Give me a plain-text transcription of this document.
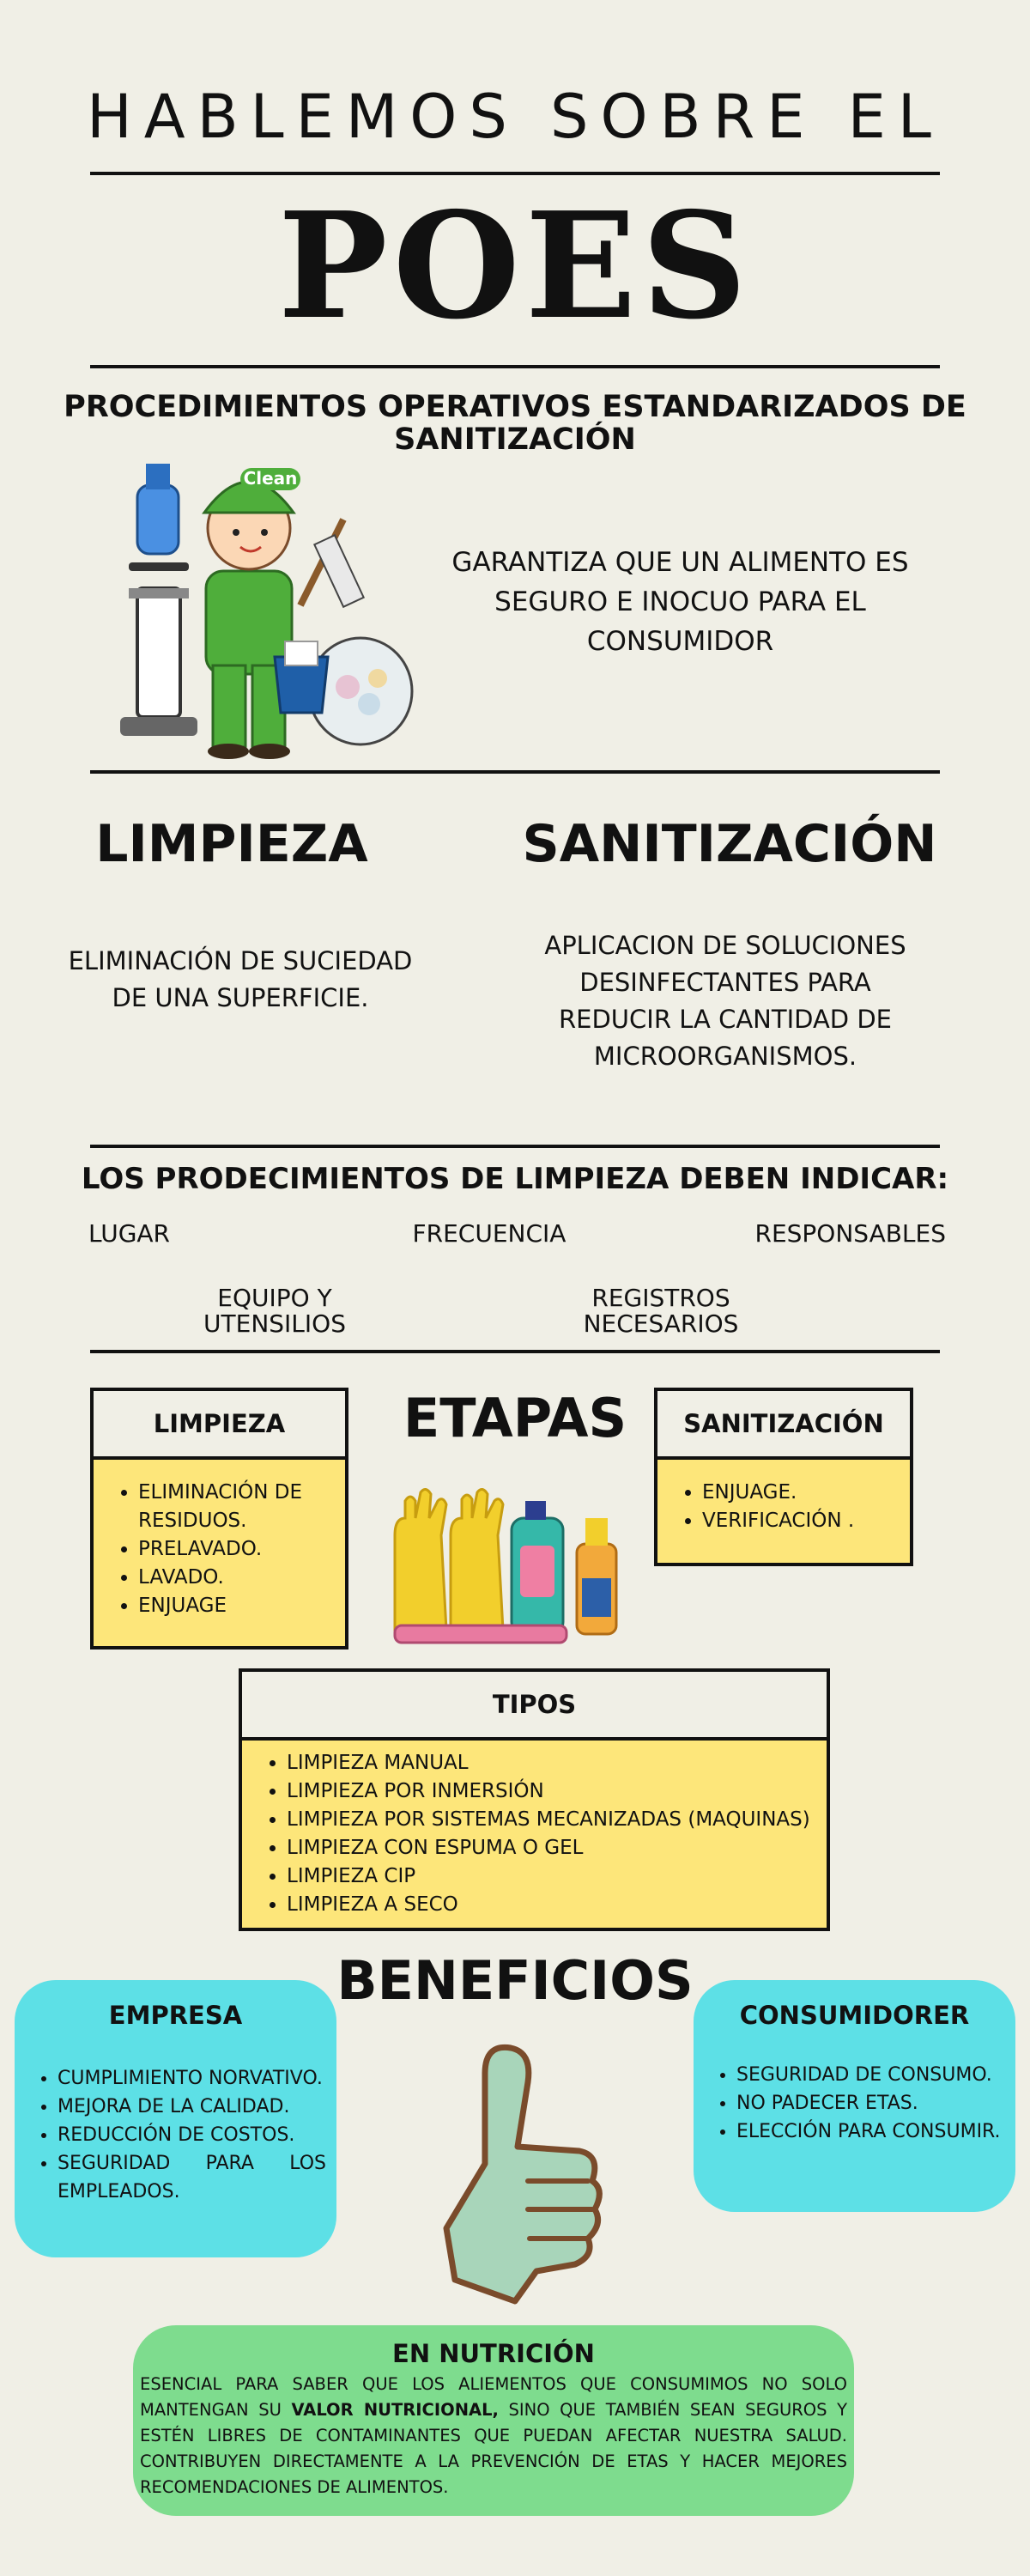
HABLEMOS SOBRE EL
POES
PROCEDIMIENTOS OPERATIVOS ESTANDARIZADOS DE SANITIZACIÓN
Clean
GARANTIZA QUE UN ALIMENTO ES SEGURO E INOCUO PARA EL CONSUMIDOR
LIMPIEZA	SANITIZACIÓN
ELIMINACIÓN DE SUCIEDAD DE UNA SUPERFICIE.
APLICACION DE SOLUCIONES DESINFECTANTES PARA REDUCIR LA CANTIDAD DE MICROORGANISMOS.
LOS PRODECIMIENTOS DE LIMPIEZA DEBEN INDICAR:
LUGAR	FRECUENCIA	RESPONSABLES
EQUIPO Y UTENSILIOS
REGISTROS NECESARIOS
LIMPIEZA
• ELIMINACIÓN DE RESIDUOS.
• PRELAVADO.
• LAVADO.
• ENJUAGE
ETAPAS	SANITIZACIÓN
• ENJUAGE.
• VERIFICACIÓN .
TIPOS
• LIMPIEZA MANUAL
• LIMPIEZA POR INMERSIÓN
• LIMPIEZA POR SISTEMAS MECANIZADAS (MAQUINAS)
• LIMPIEZA CON ESPUMA O GEL
• LIMPIEZA CIP
• LIMPIEZA A SECO
BENEFICIOS
EMPRESA
• CUMPLIMIENTO NORVATIVO.
• MEJORA DE LA CALIDAD.
• REDUCCIÓN DE COSTOS.
• SEGURIDAD PARA LOS EMPLEADOS.
CONSUMIDORER
• SEGURIDAD DE CONSUMO.
• NO PADECER ETAS.
• ELECCIÓN PARA CONSUMIR.
EN NUTRICIÓN
ESENCIAL PARA SABER QUE LOS ALIEMENTOS QUE CONSUMIMOS NO SOLO MANTENGAN SU VALOR NUTRICIONAL, SINO QUE TAMBIÉN SEAN SEGUROS Y ESTÉN LIBRES DE CONTAMINANTES QUE PUEDAN AFECTAR NUESTRA SALUD. CONTRIBUYEN DIRECTAMENTE A LA PREVENCIÓN DE ETAS Y HACER MEJORES RECOMENDACIONES DE ALIMENTOS.
